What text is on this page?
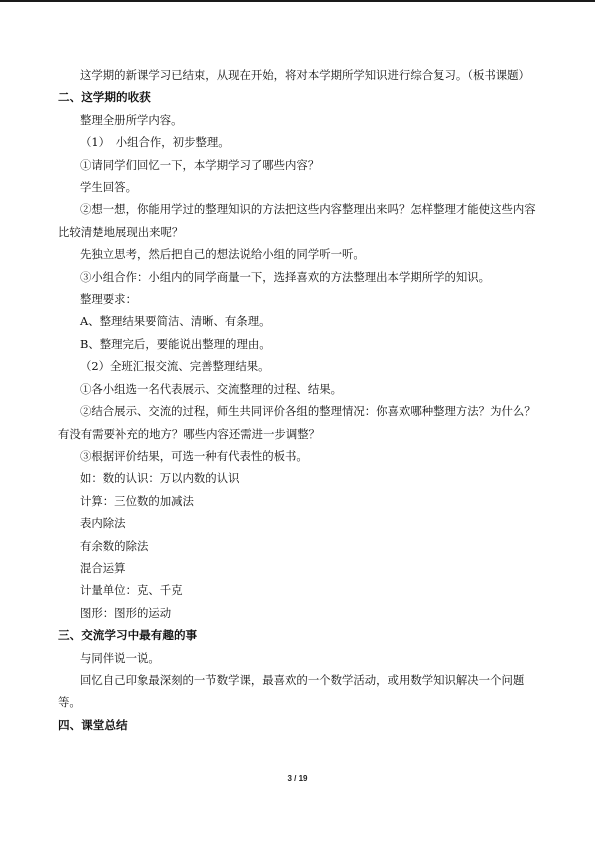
这学期的新课学习已结束，从现在开始，将对本学期所学知识进行综合复习。（板书课题）
二、这学期的收获
整理全册所学内容。
（1）　小组合作，初步整理。
①请同学们回忆一下，本学期学习了哪些内容？
学生回答。
②想一想，你能用学过的整理知识的方法把这些内容整理出来吗？怎样整理才能使这些内容比较清楚地展现出来呢？
先独立思考，然后把自己的想法说给小组的同学听一听。
③小组合作：小组内的同学商量一下，选择喜欢的方法整理出本学期所学的知识。
整理要求：
A、整理结果要简洁、清晰、有条理。
B、整理完后，要能说出整理的理由。
（2）全班汇报交流、完善整理结果。
①各小组选一名代表展示、交流整理的过程、结果。
②结合展示、交流的过程，师生共同评价各组的整理情况：你喜欢哪种整理方法？为什么？有没有需要补充的地方？哪些内容还需进一步调整？
③根据评价结果，可选一种有代表性的板书。
如：数的认识：万以内数的认识
计算：三位数的加减法
表内除法
有余数的除法
混合运算
计量单位：克、千克
图形：图形的运动
三、交流学习中最有趣的事
与同伴说一说。
回忆自己印象最深刻的一节数学课，最喜欢的一个数学活动，或用数学知识解决一个问题等。
四、课堂总结
3 / 19
